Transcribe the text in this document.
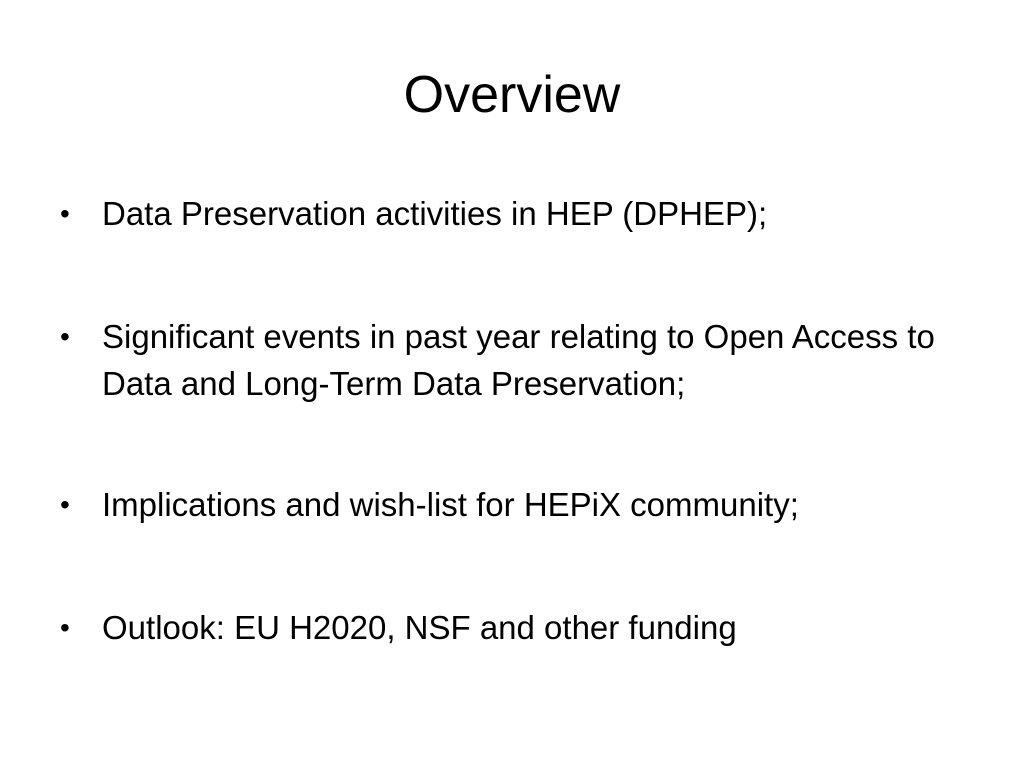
Overview
• Data Preservation activities in HEP (DPHEP);
• Significant events in past year relating to Open Access to Data and Long-Term Data Preservation;
• Implications and wish-list for HEPiX community;
• Outlook: EU H2020, NSF and other funding
